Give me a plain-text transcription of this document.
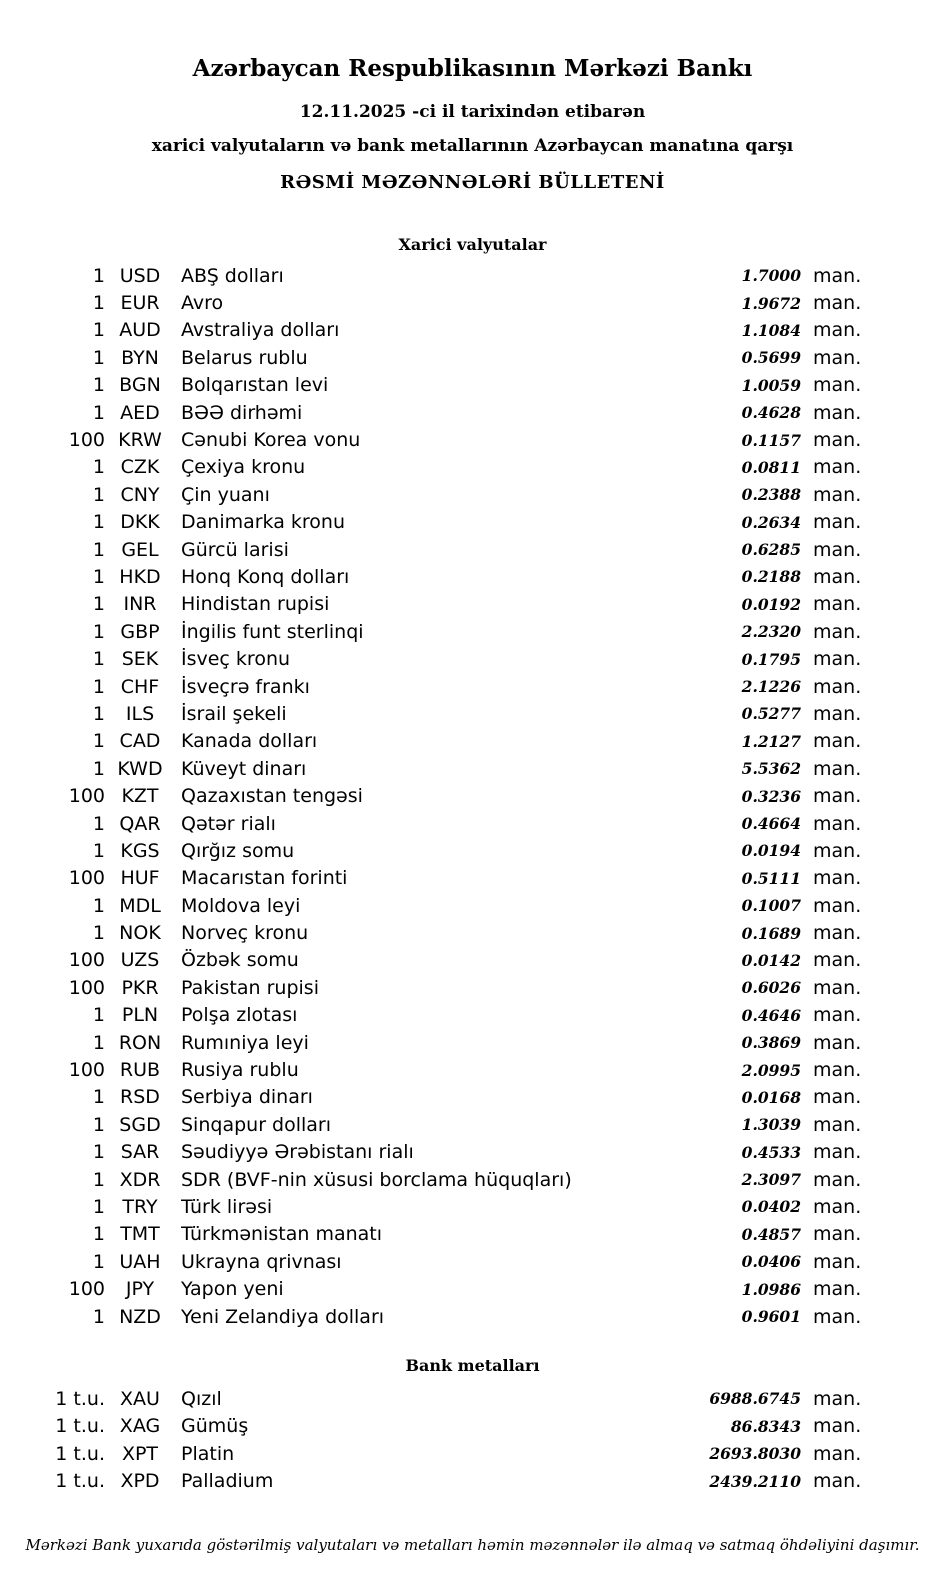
Azərbaycan Respublikasının Mərkəzi Bankı
12.11.2025 -ci il tarixindən etibarən
xarici valyutaların və bank metallarının Azərbaycan manatına qarşı
RƏSMİ MƏZƏNNƏLƏRİ BÜLLETENİ
Xarici valyutalar
1 USD	ABŞ dolları	1.7000 man.
1 EUR	Avro	1.9672 man.
1 AUD	Avstraliya dolları	1.1084 man.
1 BYN	Belarus rublu	0.5699 man.
1 BGN	Bolqarıstan levi	1.0059 man.
1 AED	BƏƏ dirhəmi	0.4628 man.
100 KRW	Cənubi Korea vonu	0.1157 man.
1 CZK	Çexiya kronu	0.0811 man.
1 CNY	Çin yuanı	0.2388 man.
1 DKK	Danimarka kronu	0.2634 man.
1 GEL	Gürcü larisi	0.6285 man.
1 HKD	Honq Konq dolları	0.2188 man.
1 INR	Hindistan rupisi	0.0192 man.
1 GBP	İngilis funt sterlinqi	2.2320 man.
1 SEK	İsveç kronu	0.1795 man.
1 CHF	İsveçrə frankı	2.1226 man.
1	ILS	İsrail şekeli	0.5277 man.
1 CAD	Kanada dolları	1.2127 man.
1 KWD Küveyt dinarı	5.5362 man.
100 KZT	Qazaxıstan tengəsi	0.3236 man.
1 QAR	Qətər rialı	0.4664 man.
1 KGS	Qırğız somu	0.0194 man.
100 HUF	Macarıstan forinti	0.5111 man.
1 MDL	Moldova leyi	0.1007 man.
1 NOK	Norveç kronu	0.1689 man.
100 UZS	Özbək somu	0.0142 man.
100 PKR	Pakistan rupisi	0.6026 man.
1 PLN	Polşa zlotası	0.4646 man.
1 RON	Rumıniya leyi	0.3869 man.
100 RUB	Rusiya rublu	2.0995 man.
1 RSD	Serbiya dinarı	0.0168 man.
1 SGD	Sinqapur dolları	1.3039 man.
1 SAR	Səudiyyə Ərəbistanı rialı	0.4533 man.
1 XDR	SDR (BVF-nin xüsusi borclama hüquqları)	2.3097 man.
1 TRY	Türk lirəsi	0.0402 man.
1 TMT	Türkmənistan manatı	0.4857 man.
1 UAH	Ukrayna qrivnası	0.0406 man.
100	JPY	Yapon yeni	1.0986 man.
1 NZD	Yeni Zelandiya dolları	0.9601 man.
Bank metalları
1 t.u. XAU	Qızıl	6988.6745 man.
1 t.u. XAG	Gümüş	86.8343 man.
1 t.u. XPT	Platin	2693.8030 man.
1 t.u. XPD	Palladium	2439.2110 man.
Mərkəzi Bank yuxarıda göstərilmiş valyutaları və metalları həmin məzənnələr ilə almaq və satmaq öhdəliyini daşımır.
